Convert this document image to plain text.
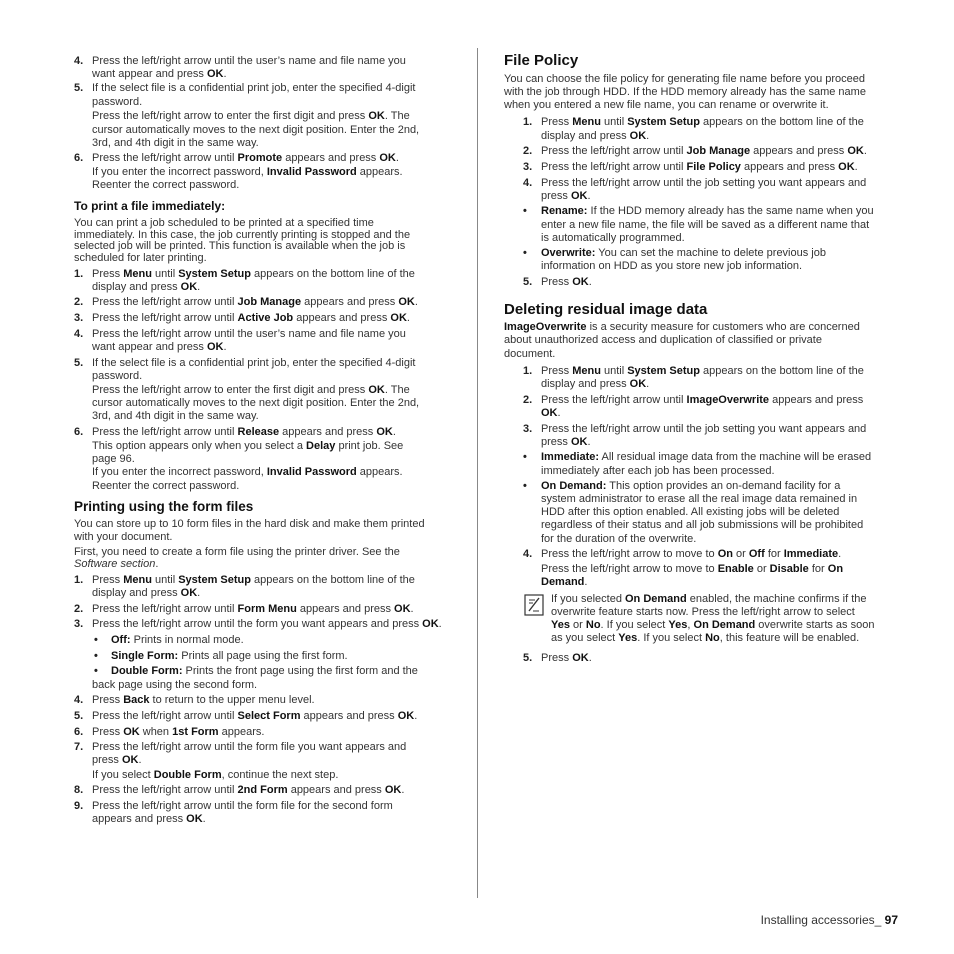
To print a file immediately:
Printing using the form files
4. Press the left/right arrow until the user’s name and file name you
want appear and press OK.
5. If the select file is a confidential print job, enter the specified 4-digit
password.
Press the left/right arrow to enter the first digit and press OK. The
cursor automatically moves to the next digit position. Enter the 2nd,
3rd, and 4th digit in the same way.
6. Press the left/right arrow until Promote appears and press OK.
If you enter the incorrect password, Invalid Password appears.
Reenter the correct password.
You can print a job scheduled to be printed at a specified time
immediately. In this case, the job currently printing is stopped and the
selected job will be printed. This function is available when the job is
scheduled for later printing.
1. Press Menu until System Setup appears on the bottom line of the
display and press OK.
2. Press the left/right arrow until Job Manage appears and press OK.
3. Press the left/right arrow until Active Job appears and press OK.
4. Press the left/right arrow until the user’s name and file name you
want appear and press OK.
5. If the select file is a confidential print job, enter the specified 4-digit
password.
Press the left/right arrow to enter the first digit and press OK. The
cursor automatically moves to the next digit position. Enter the 2nd,
3rd, and 4th digit in the same way.
6. Press the left/right arrow until Release appears and press OK.
This option appears only when you select a Delay print job. See
page 96.
If you enter the incorrect password, Invalid Password appears.
Reenter the correct password.
You can store up to 10 form files in the hard disk and make them printed
with your document.
First, you need to create a form file using the printer driver. See the
Software section.
1. Press Menu until System Setup appears on the bottom line of the
display and press OK.
2. Press the left/right arrow until Form Menu appears and press OK.
3. Press the left/right arrow until the form you want appears and press OK.
• Off: Prints in normal mode.
• Single Form: Prints all page using the first form.
• Double Form: Prints the front page using the first form and the
back page using the second form.
4. Press Back to return to the upper menu level.
5. Press the left/right arrow until Select Form appears and press OK.
6. Press OK when 1st Form appears.
7. Press the left/right arrow until the form file you want appears and
press OK.
If you select Double Form, continue the next step.
8. Press the left/right arrow until 2nd Form appears and press OK.
9. Press the left/right arrow until the form file for the second form
appears and press OK.
File Policy
Deleting residual image data
You can choose the file policy for generating file name before you proceed
with the job through HDD. If the HDD memory already has the same name
when you entered a new file name, you can rename or overwrite it.
1. Press Menu until System Setup appears on the bottom line of the
display and press OK.
2. Press the left/right arrow until Job Manage appears and press OK.
3. Press the left/right arrow until File Policy appears and press OK.
4. Press the left/right arrow until the job setting you want appears and
press OK.
• Rename: If the HDD memory already has the same name when you
enter a new file name, the file will be saved as a different name that
is automatically programmed.
• Overwrite: You can set the machine to delete previous job
information on HDD as you store new job information.
5. Press OK.
ImageOverwrite is a security measure for customers who are concerned
about unauthorized access and duplication of classified or private
document.
1. Press Menu until System Setup appears on the bottom line of the
display and press OK.
2. Press the left/right arrow until ImageOverwrite appears and press
OK.
3. Press the left/right arrow until the job setting you want appears and
press OK.
• Immediate: All residual image data from the machine will be erased
immediately after each job has been processed.
• On Demand: This option provides an on-demand facility for a
system administrator to erase all the real image data remained in
HDD after this option enabled. All existing jobs will be deleted
regardless of their status and all job submissions will be prohibited
for the duration of the overwrite.
4. Press the left/right arrow to move to On or Off for Immediate.
Press the left/right arrow to move to Enable or Disable for On
Demand.
If you selected On Demand enabled, the machine confirms if the
overwrite feature starts now. Press the left/right arrow to select
Yes or No. If you select Yes, On Demand overwrite starts as soon
as you select Yes. If you select No, this feature will be enabled.
5. Press OK.
Installing accessories_ 97
